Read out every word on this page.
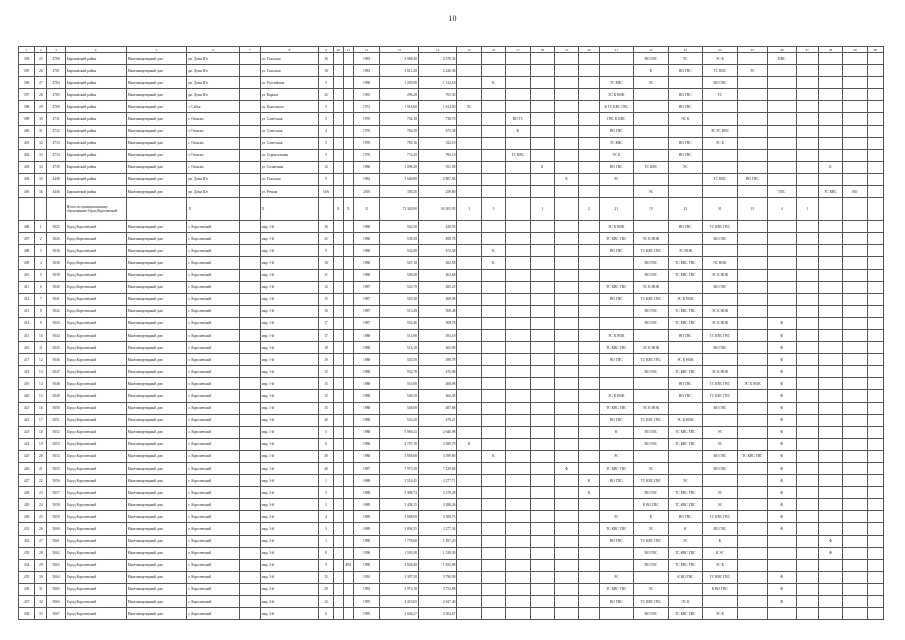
10
1	2	3	4	5	6	7	8	9	10	11	12	13	14	15	16	17	18	19	20	21	22	23	24	25	26	27	28	29	30
394	25	4780	Бирсковский район	Многоквартирный дом	рп. Дома Юг		ул. Тальская	16			1983	2 068,40	2 578,36								ВО ГВС	ТС	ЭС К		КВС				
395	26	4781	Бирсковский район	Многоквартирный дом	рп. Дома Юг		ул. Тальская	18			1983	2 611,20	2 426,36								К	ВО ГВС	ТС КВС	ЭС					
396	27	4784	Бирсковский район	Многоквартирный дом	рп. Дома Юг		ул. Российская	5			1996	1 205,90	1 314,18		К					ТС КВС	ЭС		ВО ГВС						
397	28	4785	Бирсковский район	Многоквартирный дом	рп. Дома Юг		ул. Карпов	32			1965	296,20	765,30							ЭС К НОК		ВО ГВС	ТС						
398	29	4789	Бирсковский район	Многоквартирный дом	г. Сабья		ул. Комсомола	5			1972	1 918,60	1 614,00	ЭС						К ТС КВС ГВС		ВО ГВС							
399	30	4731	Бирсковский район	Многоквартирный дом	г. Октяльс		ул. Советская	5			1976	734,10	738,70			ВО ТС				ГВС К КВС		ЭС К							
400	31	4732	Бирсковский район	Многоквартирный дом	г. Октяльс		ул. Советская	4			1976	764,38	673,38			К				ВО ГВС			ЭС ТС КВС						
401	32	4733	Бирсковский район	Многоквартирный дом	г. Октяльс		ул. Советская	5			1976	783,16	322,10							ТС КВС		ВО ГВС	ЭС К						
402	33	4734	Бирсковский район	Многоквартирный дом	г. Октяльс		ул. Строительная	5			1976	774,20	706,10			ТС КВС				ЭС К		ВО ГВС							
403	34	4739	Бирсковский район	Многоквартирный дом	г. Октяльс		ул. Солнечная	12			1986	1 098,20	911,58				К			ВО ГВС	ТС КВС	ЭС					К		
404	35	4448	Бирсковский район	Многоквартирный дом	рп. Дома Юг		ул. Тальская	9			1982	3 646,80	2 887,96					К		ЭС			ТС КВС	ВО ГВС					
405	36	4446	Бирсковский район	Многоквартирный дом	рп. Дома Юг		ул. Речная	16А			2018	358,20	258,80								ЭС				ГВС		ТС КВС	ВО	
			Итого по муниципальному образованию Город Королевский		Х		Х		Х	Х	Х	73 340,90	65 305,93	1	5		1		2	21	19	23	31	15	4	1			
406	1	5025	Город Королевский	Многоквартирный дом	г. Королевский		мкр. 1-й	16			1986	542,50	428,93							ЭС К НОК		ВО ГВС	ТС КВС ГВС						
407	2	5026	Город Королевский	Многоквартирный дом	г. Королевский		мкр. 1-й	25			1986	538,38	498,78							ТС КВС ГВС	ЭС К НОК		ВО ГВС						
408	3	5036	Город Королевский	Многоквартирный дом	г. Королевский		мкр. 1-й	9			1986	532,08	472,38		К					ВО ГВС	ТС КВС ГВС	ЭС НОК							
409	4	5038	Город Королевский	Многоквартирный дом	г. Королевский		мкр. 1-й	10			1986	547,10	482,58		К						ВО ГВС	ТС КВС ГВС	ЭС НОК						
410	5	5039	Город Королевский	Многоквартирный дом	г. Королевский		мкр. 1-й	11			1986	548,38	463,68								ВО ГВС	ТС КВС ГВС	ЭС К НОК						
411	6	5040	Город Королевский	Многоквартирный дом	г. Королевский		мкр. 1-й	12			1987	543,70	485,25							ТС КВС ГВС	ЭС К НОК		ВО ГВС						
412	7	5041	Город Королевский	Многоквартирный дом	г. Королевский		мкр. 1-й	15			1987	529,38	468,98							ВО ГВС	ТС КВС ГВС	ЭС К НОК							
413	8	5042	Город Королевский	Многоквартирный дом	г. Королевский		мкр. 1-й	16			1987	513,28	508,48								ВО ГВС	ТС КВС ГВС	ЭС К НОК						
414	9	5043	Город Королевский	Многоквартирный дом	г. Королевский		мкр. 1-й	17			1987	532,46	508,78								ВО ГВС	ТС КВС ГВС	ЭС К НОК		Ф				
415	10	5044	Город Королевский	Многоквартирный дом	г. Королевский		мкр. 1-й	17			1988	514,98	493,18							ЭС К НОК		ВО ГВС	ТС КВС ГВС		Ф				
416	11	5045	Город Королевский	Многоквартирный дом	г. Королевский		мкр. 1-й	18			1988	514,18	465,90							ТС КВС ГВС	ЭС К НОК		ВО ГВС		Ф				
417	12	5046	Город Королевский	Многоквартирный дом	г. Королевский		мкр. 1-й	19			1988	545,58	498,78							ВО ГВС	ТС КВС ГВС	ЭС К НОК			Ф				
418	13	5047	Город Королевский	Многоквартирный дом	г. Королевский		мкр. 1-й	15			1988	532,78	476,08								ВО ГВС	ТС КВС ГВС	ЭС К НОК		Ф				
419	14	5048	Город Королевский	Многоквартирный дом	г. Королевский		мкр. 1-й	15			1988	519,08	468,98									ВО ГВС	ТС КВС ГВС	ЭС К НОК	Ф				
420	15	5049	Город Королевский	Многоквартирный дом	г. Королевский		мкр. 1-й	15			1988	548,38	466,58							ЭС К НОК		ВО ГВС	ТС КВС ГВС		Ф				
421	16	5050	Город Королевский	Многоквартирный дом	г. Королевский		мкр. 1-й	15			1988	548,08	487,68							ТС КВС ГВС	ЭС К НОК		ВО ГВС		Ф				
422	17	5051	Город Королевский	Многоквартирный дом	г. Королевский		мкр. 1-й	40			1988	543,20	478,21							ВО ГВС	ТС КВС ГВС	ЭС К НОК			Ф				
423	18	5052	Город Королевский	Многоквартирный дом	г. Королевский		мкр. 1-й	5			1988	5 869,23	2 646,98							К	ВО ГВС	ТС КВС ГВС	ЭС		Ф				
424	19	5053	Город Королевский	Многоквартирный дом	г. Королевский		мкр. 1-й	6			1986	2 707,10	3 389,70	К							ВО ГВС	ТС КВС ГВС	ЭС		Ф				
425	20	5054	Город Королевский	Многоквартирный дом	г. Королевский		мкр. 1-й	30			1986	3 858,68	3 390,80		К					ЭС			ВО ГВС	ТС КВС ГВС	Ф				
426	21	5055	Город Королевский	Многоквартирный дом	г. Королевский		мкр. 1-й	40			1987	7 975,38	7 239,66					Ф		ТС КВС ГВС	ЭС		ВО ГВС		Ф				
427	22	5056	Город Королевский	Многоквартирный дом	г. Королевский		мкр. 2-й	1			1988	3 514,45	3 277,71						К	ВО ГВС	ТС КВС ГВС	ЭС			Ф				
428	23	5057	Город Королевский	Многоквартирный дом	г. Королевский		мкр. 2-й	5			1988	3 488,74	3 278,28						К		ВО ГВС	ТС КВС ГВС	ЭС		Ф				
429	24	5058	Город Королевский	Многоквартирный дом	г. Королевский		мкр. 2-й	2			1989	3 438,15	3 288,26								К ВО ГВС	ТС КВС ГВС	ЭС		Ф				
430	25	5059	Город Королевский	Многоквартирный дом	г. Королевский		мкр. 2-й	4			1989	3 688,08	3 308,76							ЭС	К	ВО ГВС	ТС КВС ГВС		Ф				
431	26	5060	Город Королевский	Многоквартирный дом	г. Королевский		мкр. 2-й	3			1989	3 894,55	3 277,34							ТС КВС ГВС	ЭС	К	ВО ГВС		Ф				
432	27	5061	Город Королевский	Многоквартирный дом	г. Королевский		мкр. 2-й	1			1990	1 778,68	1 497,20							ВО ГВС	ТС КВС ГВС	ЭС	К				Ф		
433	28	5062	Город Королевский	Многоквартирный дом	г. Королевский		мкр. 2-й	8			1990	1 593,38	1 528,30								ВО ГВС	ТС КВС ГВС	К ЭС				Ф		
434	29	5063	Город Королевский	Многоквартирный дом	г. Королевский		мкр. 2-й	9		48А	1990	2 828,48	1 835,98								ВО ГВС	ТС КВС ГВС	ЭС К						
435	30	5064	Город Королевский	Многоквартирный дом	г. Королевский		мкр. 2-й	15			1992	3 397,39	3 790,90							ЭС		К ВО ГВС	ТС КВС ГВС		Ф				
436	31	5065	Город Королевский	Многоквартирный дом	г. Королевский		мкр. 2-й	29			1992	3 973,18	3 752,98							ТС КВС ГВС	ЭС		К ВО ГВС		Ф				
437	32	5066	Город Королевский	Многоквартирный дом	г. Королевский		мкр. 2-й	12			1995	4 419,65	2 947,40							ВО ГВС	ТС КВС ГВС	ЭС К			Ф				
438	33	5067	Город Королевский	Многоквартирный дом	г. Королевский		мкр. 2-й	6			1995	3 646,27	3 304,67								ВО ГВС	ТС КВС ГВС	ЭС К						
